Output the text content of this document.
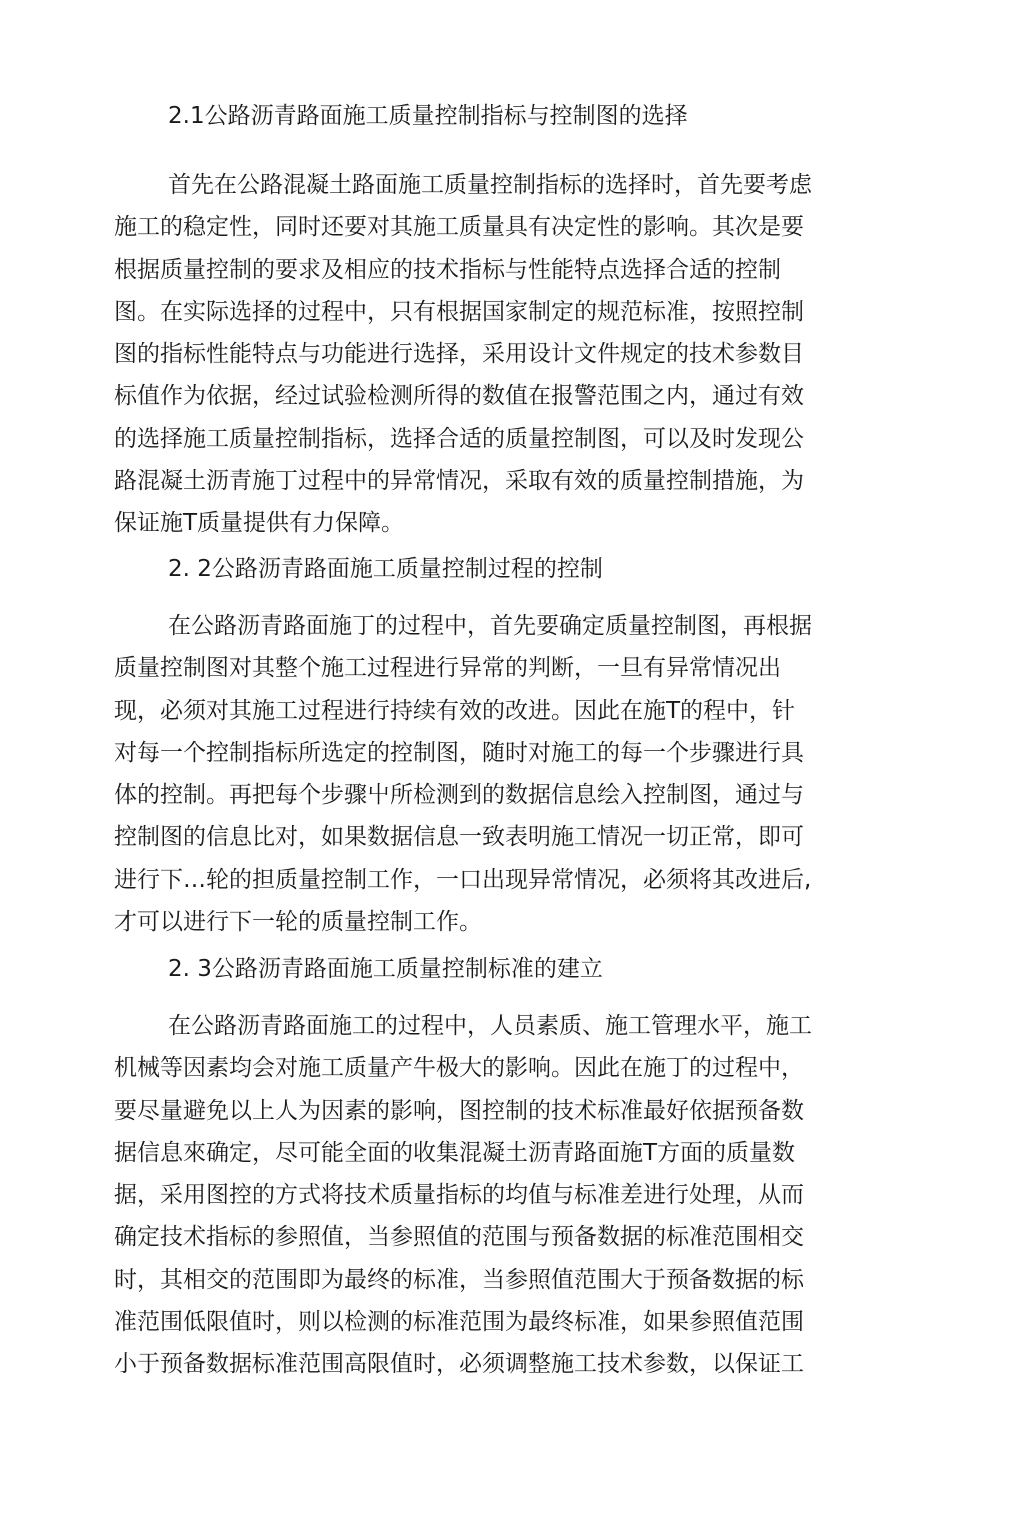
2.1公路沥青路面施工质量控制指标与控制图的选择
首先在公路混凝土路面施工质量控制指标的选择时，首先要考虑
施工的稳定性，同时还要对其施工质量具有决定性的影响。其次是要
根据质量控制的要求及相应的技术指标与性能特点选择合适的控制
图。在实际选择的过程中，只有根据国家制定的规范标准，按照控制
图的指标性能特点与功能进行选择，采用设计文件规定的技术参数目
标值作为依据，经过试验检测所得的数值在报警范围之内，通过有效
的选择施工质量控制指标，选择合适的质量控制图，可以及时发现公
路混凝土沥青施丁过程中的异常情况，采取有效的质量控制措施，为
保证施T质量提供有力保障。
2. 2公路沥青路面施工质量控制过程的控制
在公路沥青路面施丁的过程中，首先要确定质量控制图，再根据
质量控制图对其整个施工过程进行异常的判断，一旦有异常情况出
现，必须对其施工过程进行持续有效的改进。因此在施T的程中，针
对每一个控制指标所选定的控制图，随时对施工的每一个步骤进行具
体的控制。再把每个步骤屮所检测到的数据信息绘入控制图，通过与
控制图的信息比对，如果数据信息一致表明施工情况一切正常，即可
进行下…轮的担质量控制工作，一口出现异常情况，必须将其改进后,
才可以进行下一轮的质量控制工作。
2. 3公路沥青路面施工质量控制标准的建立
在公路沥青路面施工的过程中，人员素质、施工管理水平，施工
机械等因素均会对施工质量产牛极大的影响。因此在施丁的过程中，
要尽量避免以上人为因素的影响，图控制的技术标准最好依据预备数
据信息來确定，尽可能全面的收集混凝土沥青路面施T方面的质量数
据，采用图控的方式将技术质量指标的均值与标准差进行处理，从而
确定技术指标的参照值，当参照值的范围与预备数据的标准范围相交
时，其相交的范围即为最终的标准，当参照值范围大于预备数据的标
准范围低限值时，则以检测的标准范围为最终标准，如果参照值范围
小于预备数据标准范围高限值时，必须调整施工技术参数，以保证工
